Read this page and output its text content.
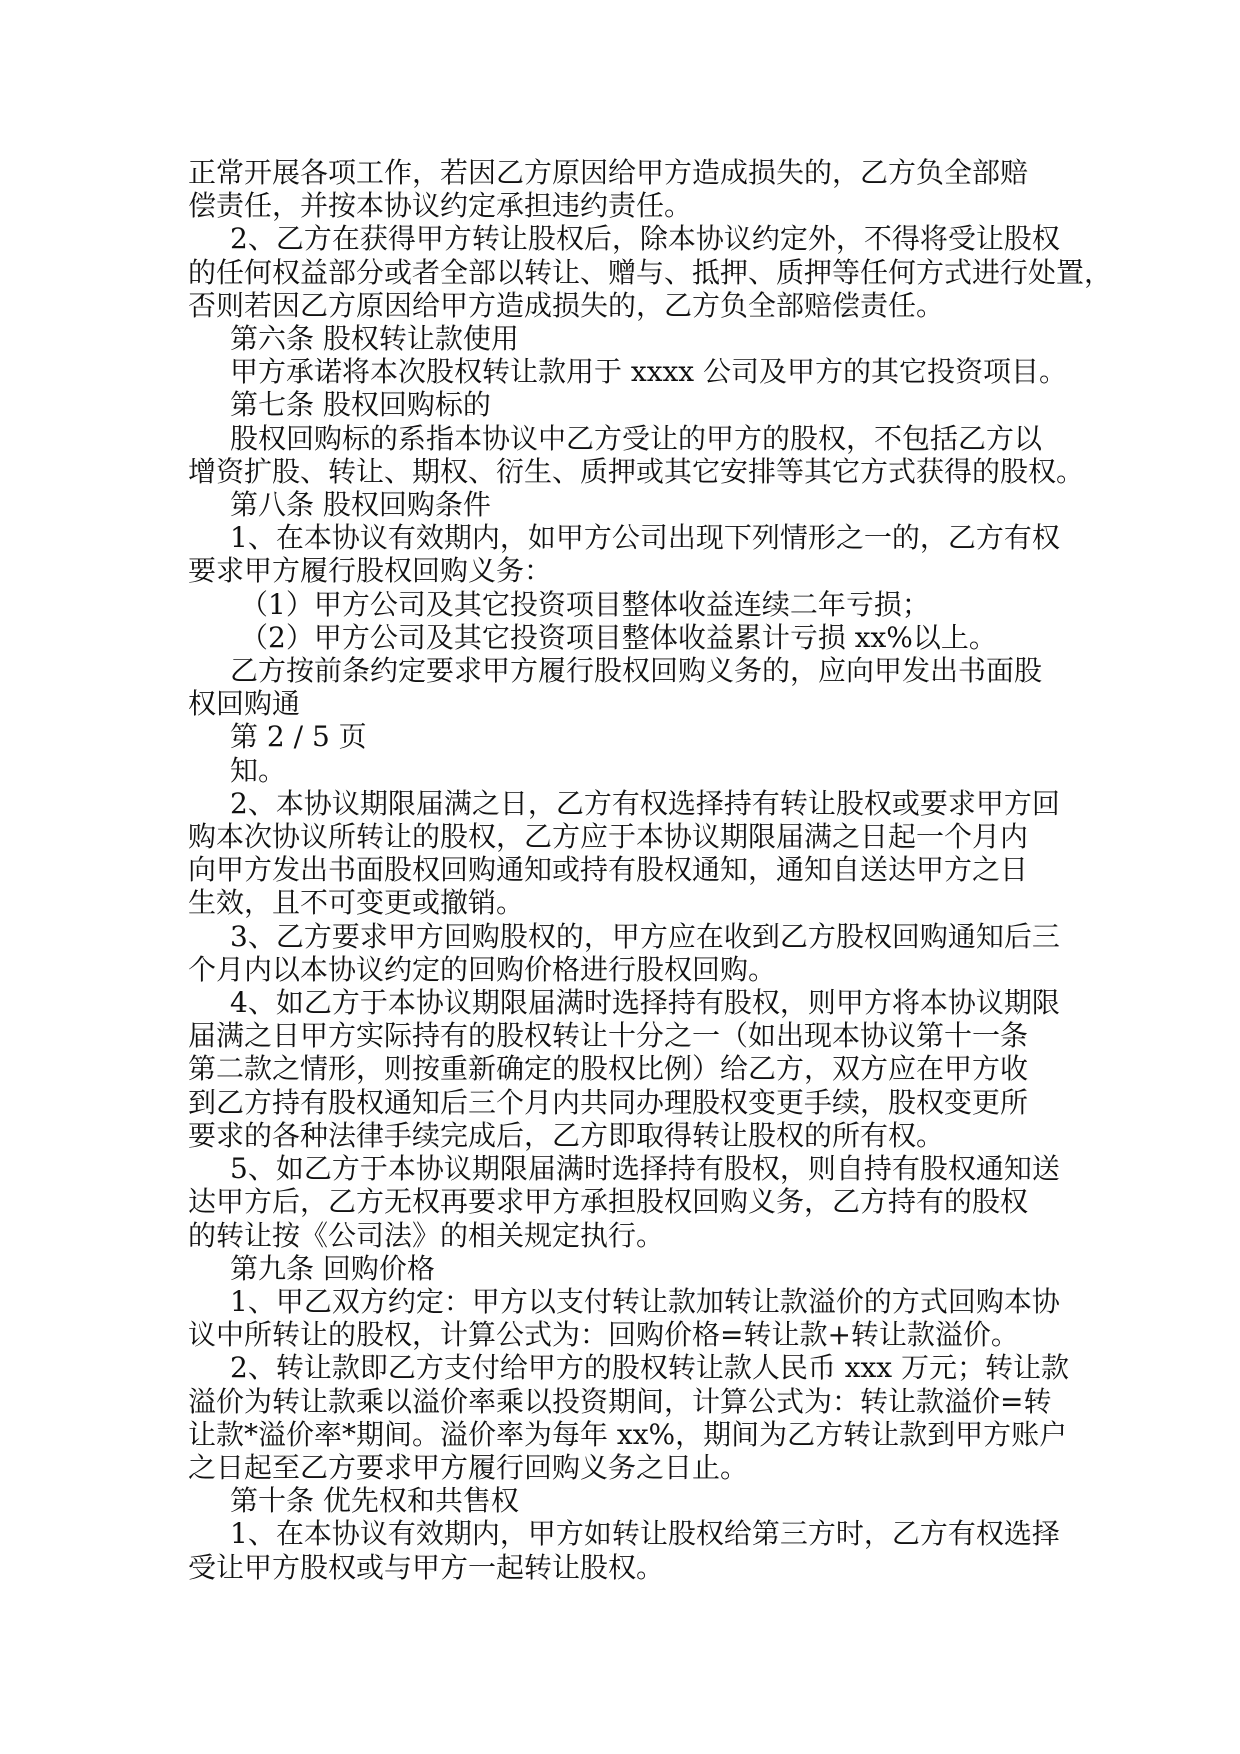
正常开展各项工作，若因乙方原因给甲方造成损失的，乙方负全部赔
偿责任，并按本协议约定承担违约责任。
2、乙方在获得甲方转让股权后，除本协议约定外，不得将受让股权
的任何权益部分或者全部以转让、赠与、抵押、质押等任何方式进行处置，
否则若因乙方原因给甲方造成损失的，乙方负全部赔偿责任。
第六条 股权转让款使用
甲方承诺将本次股权转让款用于 xxxx 公司及甲方的其它投资项目。
第七条 股权回购标的
股权回购标的系指本协议中乙方受让的甲方的股权，不包括乙方以
增资扩股、转让、期权、衍生、质押或其它安排等其它方式获得的股权。
第八条 股权回购条件
1、在本协议有效期内，如甲方公司出现下列情形之一的，乙方有权
要求甲方履行股权回购义务：
（1）甲方公司及其它投资项目整体收益连续二年亏损；
（2）甲方公司及其它投资项目整体收益累计亏损 xx%以上。
乙方按前条约定要求甲方履行股权回购义务的，应向甲发出书面股
权回购通
第 2 / 5 页
知。
2、本协议期限届满之日，乙方有权选择持有转让股权或要求甲方回
购本次协议所转让的股权，乙方应于本协议期限届满之日起一个月内
向甲方发出书面股权回购通知或持有股权通知，通知自送达甲方之日
生效，且不可变更或撤销。
3、乙方要求甲方回购股权的，甲方应在收到乙方股权回购通知后三
个月内以本协议约定的回购价格进行股权回购。
4、如乙方于本协议期限届满时选择持有股权，则甲方将本协议期限
届满之日甲方实际持有的股权转让十分之一（如出现本协议第十一条
第二款之情形，则按重新确定的股权比例）给乙方，双方应在甲方收
到乙方持有股权通知后三个月内共同办理股权变更手续，股权变更所
要求的各种法律手续完成后，乙方即取得转让股权的所有权。
5、如乙方于本协议期限届满时选择持有股权，则自持有股权通知送
达甲方后，乙方无权再要求甲方承担股权回购义务，乙方持有的股权
的转让按《公司法》的相关规定执行。
第九条 回购价格
1、甲乙双方约定：甲方以支付转让款加转让款溢价的方式回购本协
议中所转让的股权，计算公式为：回购价格=转让款+转让款溢价。
2、转让款即乙方支付给甲方的股权转让款人民币 xxx 万元；转让款
溢价为转让款乘以溢价率乘以投资期间，计算公式为：转让款溢价=转
让款*溢价率*期间。溢价率为每年 xx%，期间为乙方转让款到甲方账户
之日起至乙方要求甲方履行回购义务之日止。
第十条 优先权和共售权
1、在本协议有效期内，甲方如转让股权给第三方时，乙方有权选择
受让甲方股权或与甲方一起转让股权。
